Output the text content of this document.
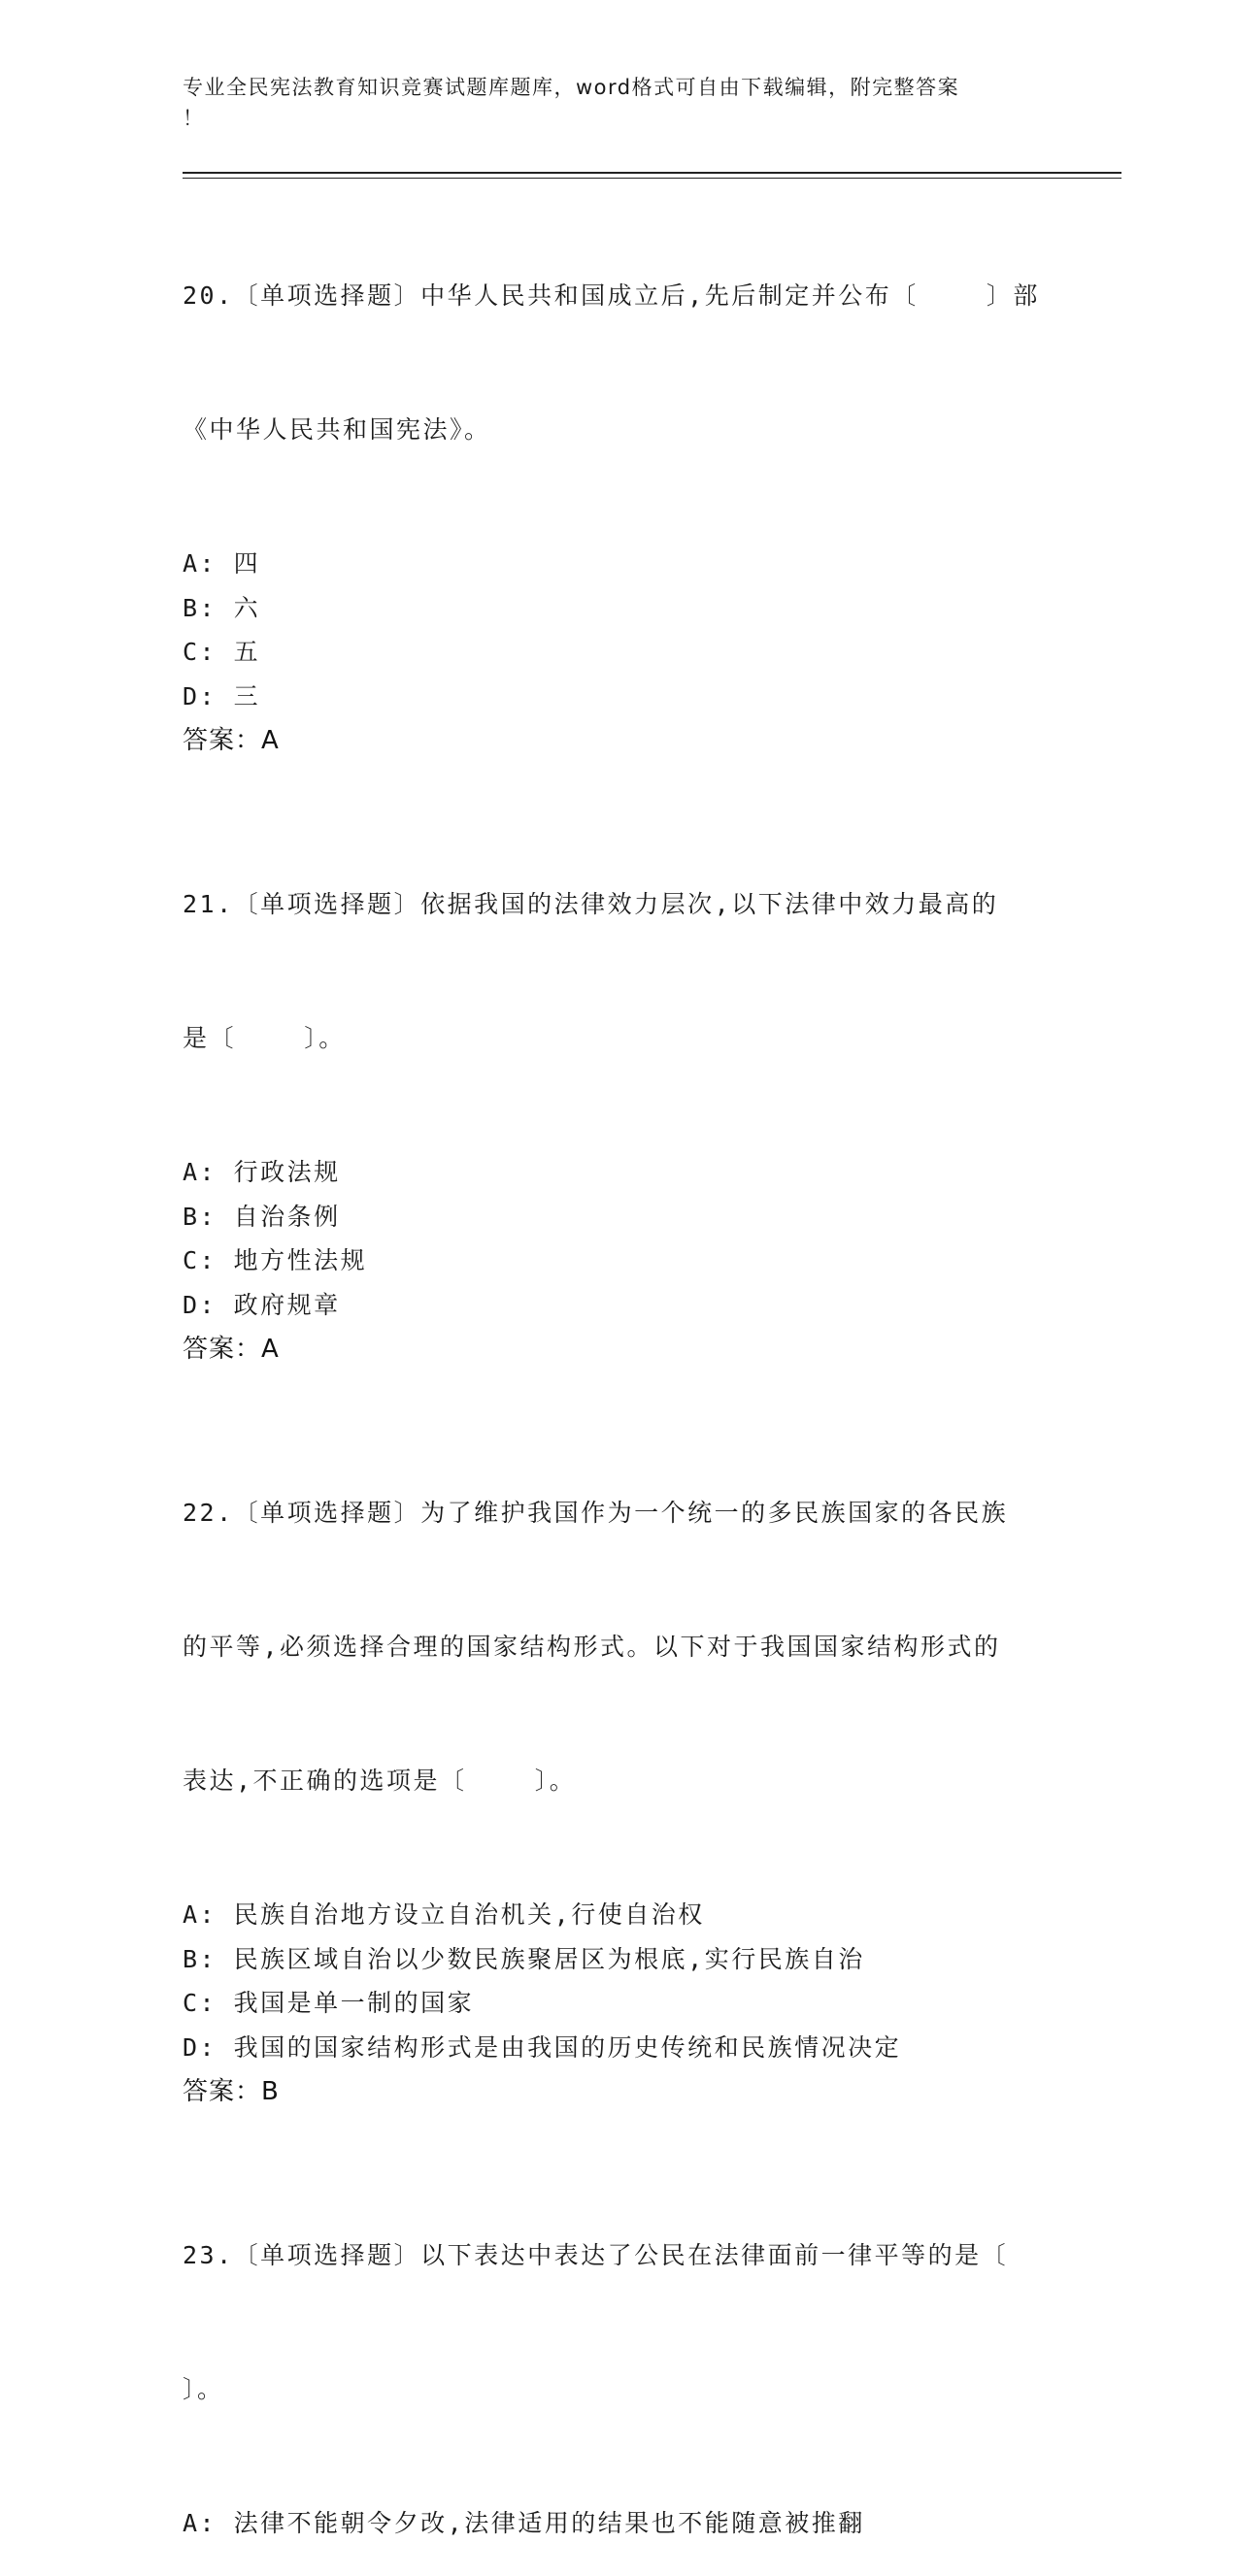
专业全民宪法教育知识竞赛试题库题库，word格式可自由下载编辑，附完整答案
！

20.〔单项选择题〕中华人民共和国成立后,先后制定并公布〔    〕部

《中华人民共和国宪法》。

A: 四
B: 六
C: 五
D: 三
答案：A

21.〔单项选择题〕依据我国的法律效力层次,以下法律中效力最高的

是〔    〕。

A: 行政法规
B: 自治条例
C: 地方性法规
D: 政府规章
答案：A

22.〔单项选择题〕为了维护我国作为一个统一的多民族国家的各民族

的平等,必须选择合理的国家结构形式。以下对于我国国家结构形式的

表达,不正确的选项是〔    〕。

A: 民族自治地方设立自治机关,行使自治权
B: 民族区域自治以少数民族聚居区为根底,实行民族自治
C: 我国是单一制的国家
D: 我国的国家结构形式是由我国的历史传统和民族情况决定
答案：B

23.〔单项选择题〕以下表达中表达了公民在法律面前一律平等的是〔

〕。

A: 法律不能朝令夕改,法律适用的结果也不能随意被推翻
